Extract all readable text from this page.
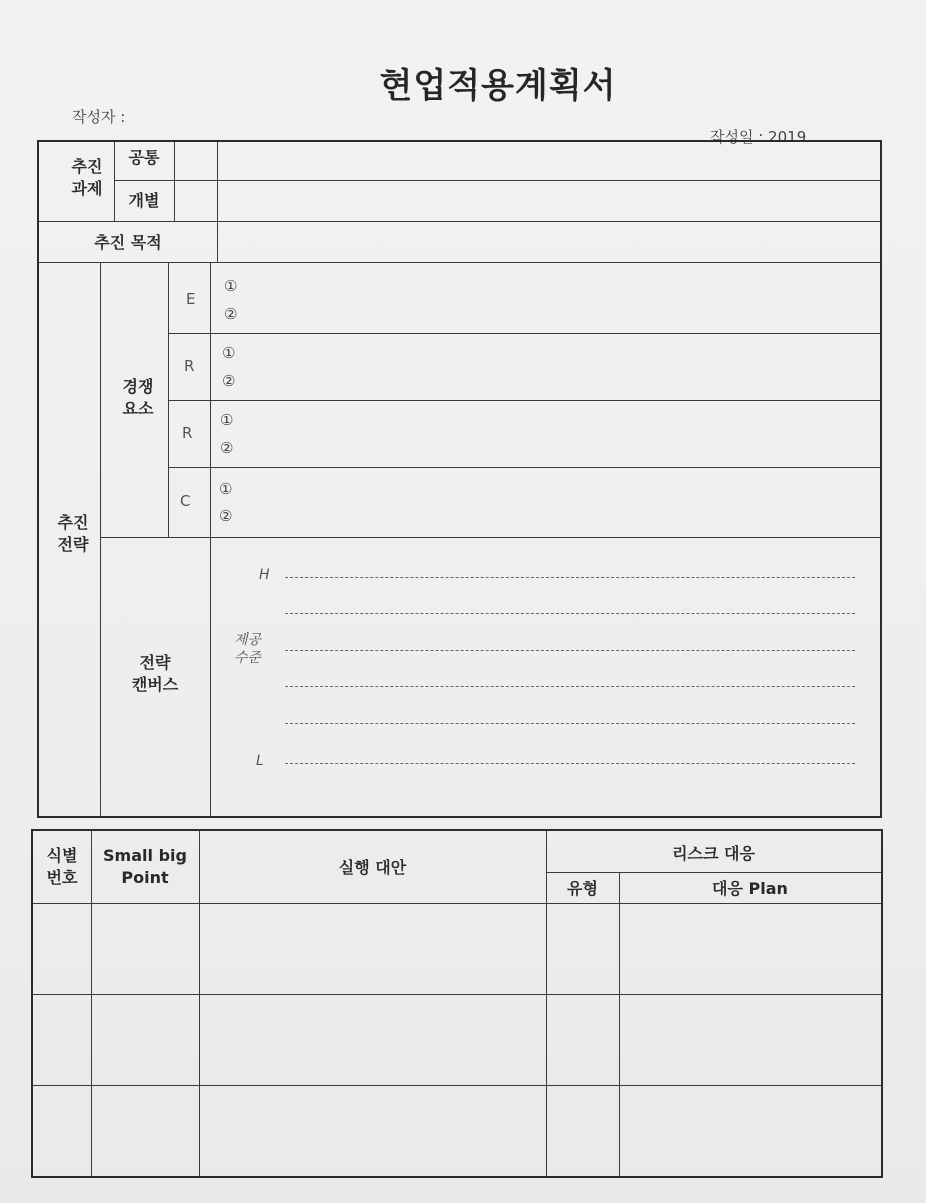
현업적용계획서
작성자 :
작성일 : 2019. . .
추진
과제
공통
개별
추진 목적
추진
전략
경쟁
요소
E
①
②
R
①
②
R
①
②
C
①
②
전략
캔버스
H
제공
수준
L
식별
번호
Small big
Point
실행 대안
리스크 대응
유형	대응 Plan
